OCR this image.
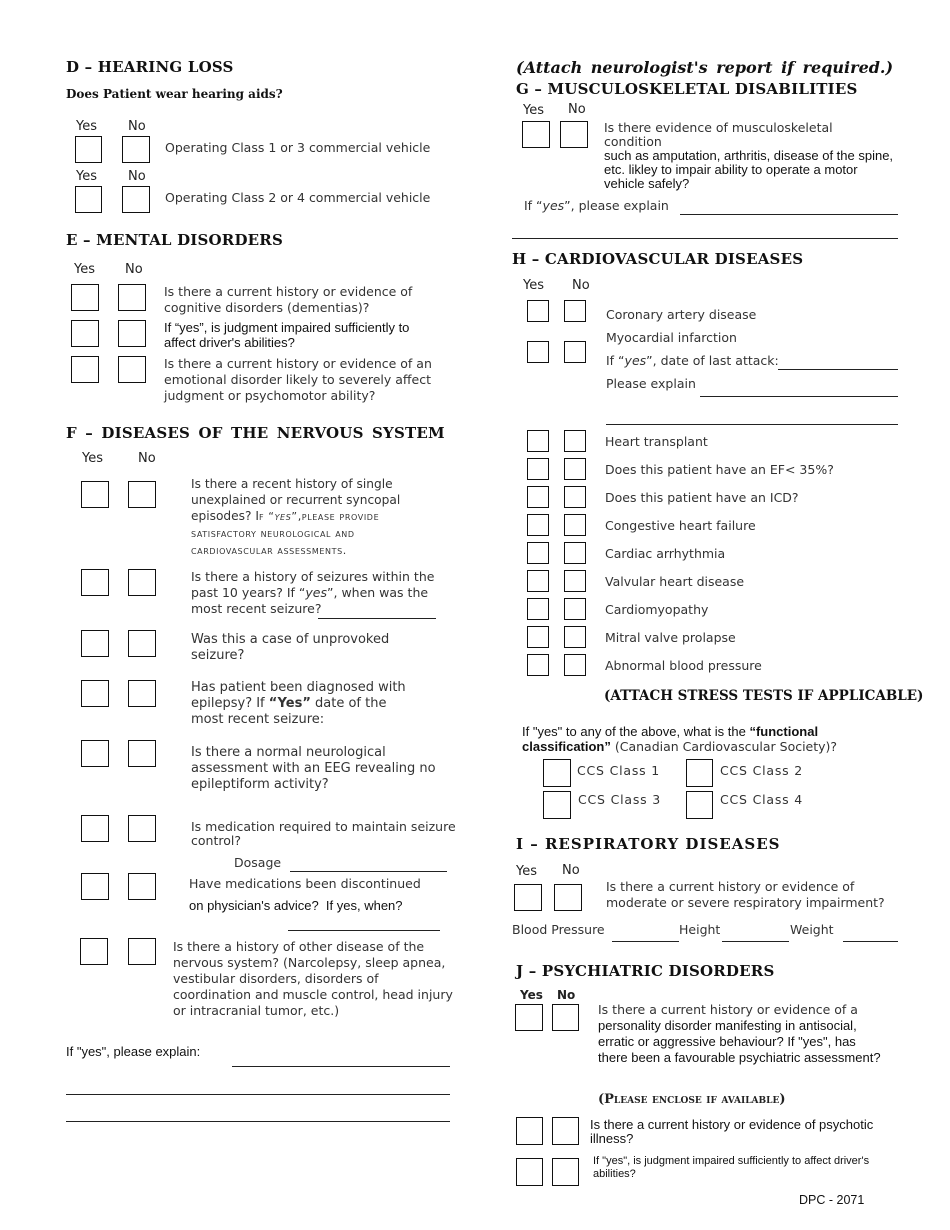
D – HEARING LOSS
Does Patient wear hearing aids?
Yes No
Operating Class 1 or 3 commercial vehicle
Yes No
Operating Class 2 or 4 commercial vehicle
E – MENTAL DISORDERS
Yes No
Is there a current history or evidence of cognitive disorders (dementias)?
If “yes”, is judgment impaired sufficiently to affect driver's abilities?
Is there a current history or evidence of an emotional disorder likely to severely affect judgment or psychomotor ability?
F – DISEASES OF THE NERVOUS SYSTEM
Yes	No
Is there a recent history of single unexplained or recurrent syncopal episodes? If “yes”,please provide satisfactory neurological and cardiovascular assessments.
Is there a history of seizures within the past 10 years? If “yes”, when was the most recent seizure?
Was this a case of unprovoked seizure?
Has patient been diagnosed with epilepsy? If “Yes” date of the most recent seizure:
Is there a normal neurological assessment with an EEG revealing no epileptiform activity?
Is medication required to maintain seizure control?
Dosage
Have medications been discontinued
on physician's advice? If yes, when?
Is there a history of other disease of the nervous system? (Narcolepsy, sleep apnea, vestibular disorders, disorders of coordination and muscle control, head injury or intracranial tumor, etc.)
If "yes", please explain:
(Attach neurologist's report if required.)
G – MUSCULOSKELETAL DISABILITIES
Yes No
Is there evidence of musculoskeletal condition
such as amputation, arthritis, disease of the spine, etc. likley to impair ability to operate a motor vehicle safely?
If “yes”, please explain
H – CARDIOVASCULAR DISEASES
Yes No
Coronary artery disease
Myocardial infarction
If “yes”, date of last attack:
Please explain
Heart transplant
Does this patient have an EF< 35%?
Does this patient have an ICD?
Congestive heart failure
Cardiac arrhythmia
Valvular heart disease
Cardiomyopathy
Mitral valve prolapse
Abnormal blood pressure
(ATTACH STRESS TESTS IF APPLICABLE)
If "yes" to any of the above, what is the “functional classification” (Canadian Cardiovascular Society)?
CCS Class 1	CCS Class 2
CCS Class 3	CCS Class 4
I – RESPIRATORY DISEASES
Yes No
Is there a current history or evidence of moderate or severe respiratory impairment?
Blood Pressure	Height	Weight
J – PSYCHIATRIC DISORDERS
Yes No
Is there a current history or evidence of a
personality disorder manifesting in antisocial, erratic or aggressive behaviour? If "yes", has there been a favourable psychiatric assessment?
(Please enclose if available)
Is there a current history or evidence of psychotic illness?
If "yes", is judgment impaired sufficiently to affect driver's abilities?
DPC - 2071
